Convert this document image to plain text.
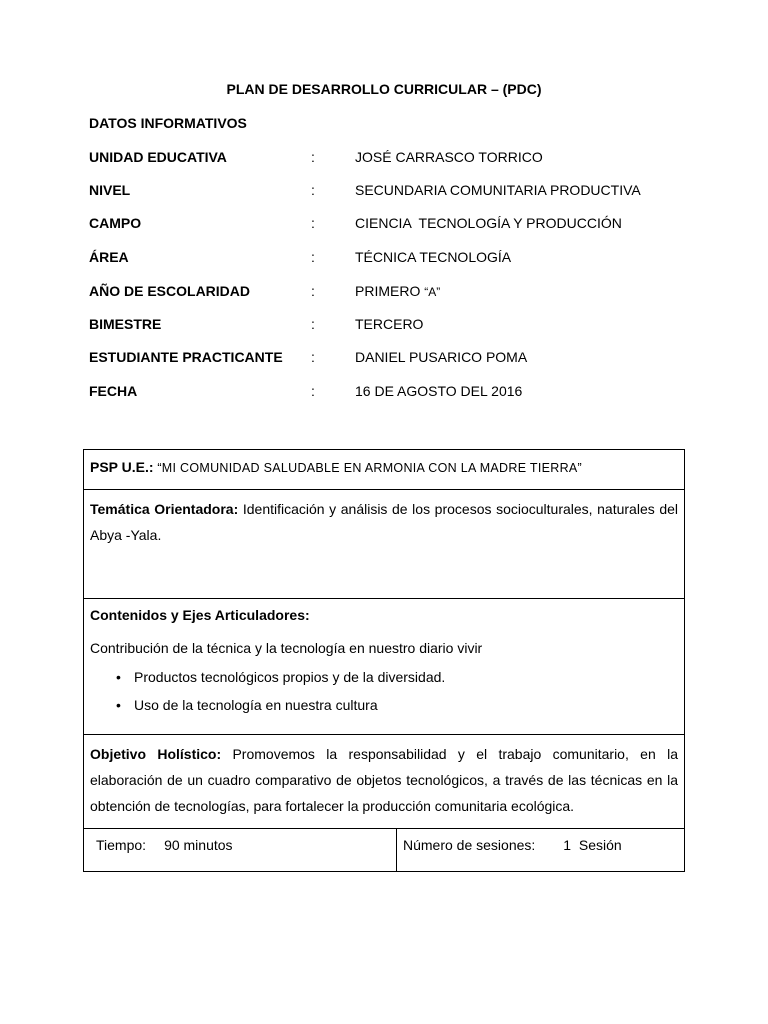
PLAN DE DESARROLLO CURRICULAR – (PDC)
DATOS INFORMATIVOS
UNIDAD EDUCATIVA	:	JOSÉ CARRASCO TORRICO
NIVEL	:	SECUNDARIA COMUNITARIA PRODUCTIVA
CAMPO	:	CIENCIA  TECNOLOGÍA Y PRODUCCIÓN
ÁREA	:	TÉCNICA TECNOLOGÍA
AÑO DE ESCOLARIDAD	:	PRIMERO “A”
BIMESTRE	:	TERCERO
ESTUDIANTE PRACTICANTE :	DANIEL PUSARICO POMA
FECHA	:	16 DE AGOSTO DEL 2016
PSP U.E.: “MI COMUNIDAD SALUDABLE EN ARMONIA CON LA MADRE TIERRA”
Temática Orientadora: Identificación y análisis de los procesos socioculturales, naturales del Abya -Yala.
Contenidos y Ejes Articuladores:
Contribución de la técnica y la tecnología en nuestro diario vivir
• Productos tecnológicos propios y de la diversidad.
• Uso de la tecnología en nuestra cultura
Objetivo Holístico: Promovemos la responsabilidad y el trabajo comunitario, en la elaboración de un cuadro comparativo de objetos tecnológicos, a través de las técnicas en la obtención de tecnologías, para fortalecer la producción comunitaria ecológica.
Tiempo: 90 minutos	Número de sesiones: 1  Sesión
